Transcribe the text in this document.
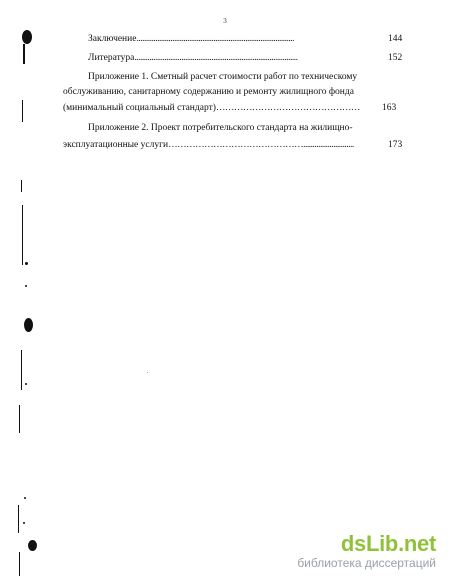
3
Заключение....................................................................................	144
Литература.......................................................................................	152
Приложение 1. Сметный расчет стоимости работ по техническому
обслуживанию, санитарному содержанию и ремонту жилищного фонда
(минимальный социальный стандарт)………………………………………… 163
Приложение 2. Проект потребительского стандарта на жилищно-
эксплуатационные услуги………………………………………...........................	173
dsLib.net
библиотека диссертаций
